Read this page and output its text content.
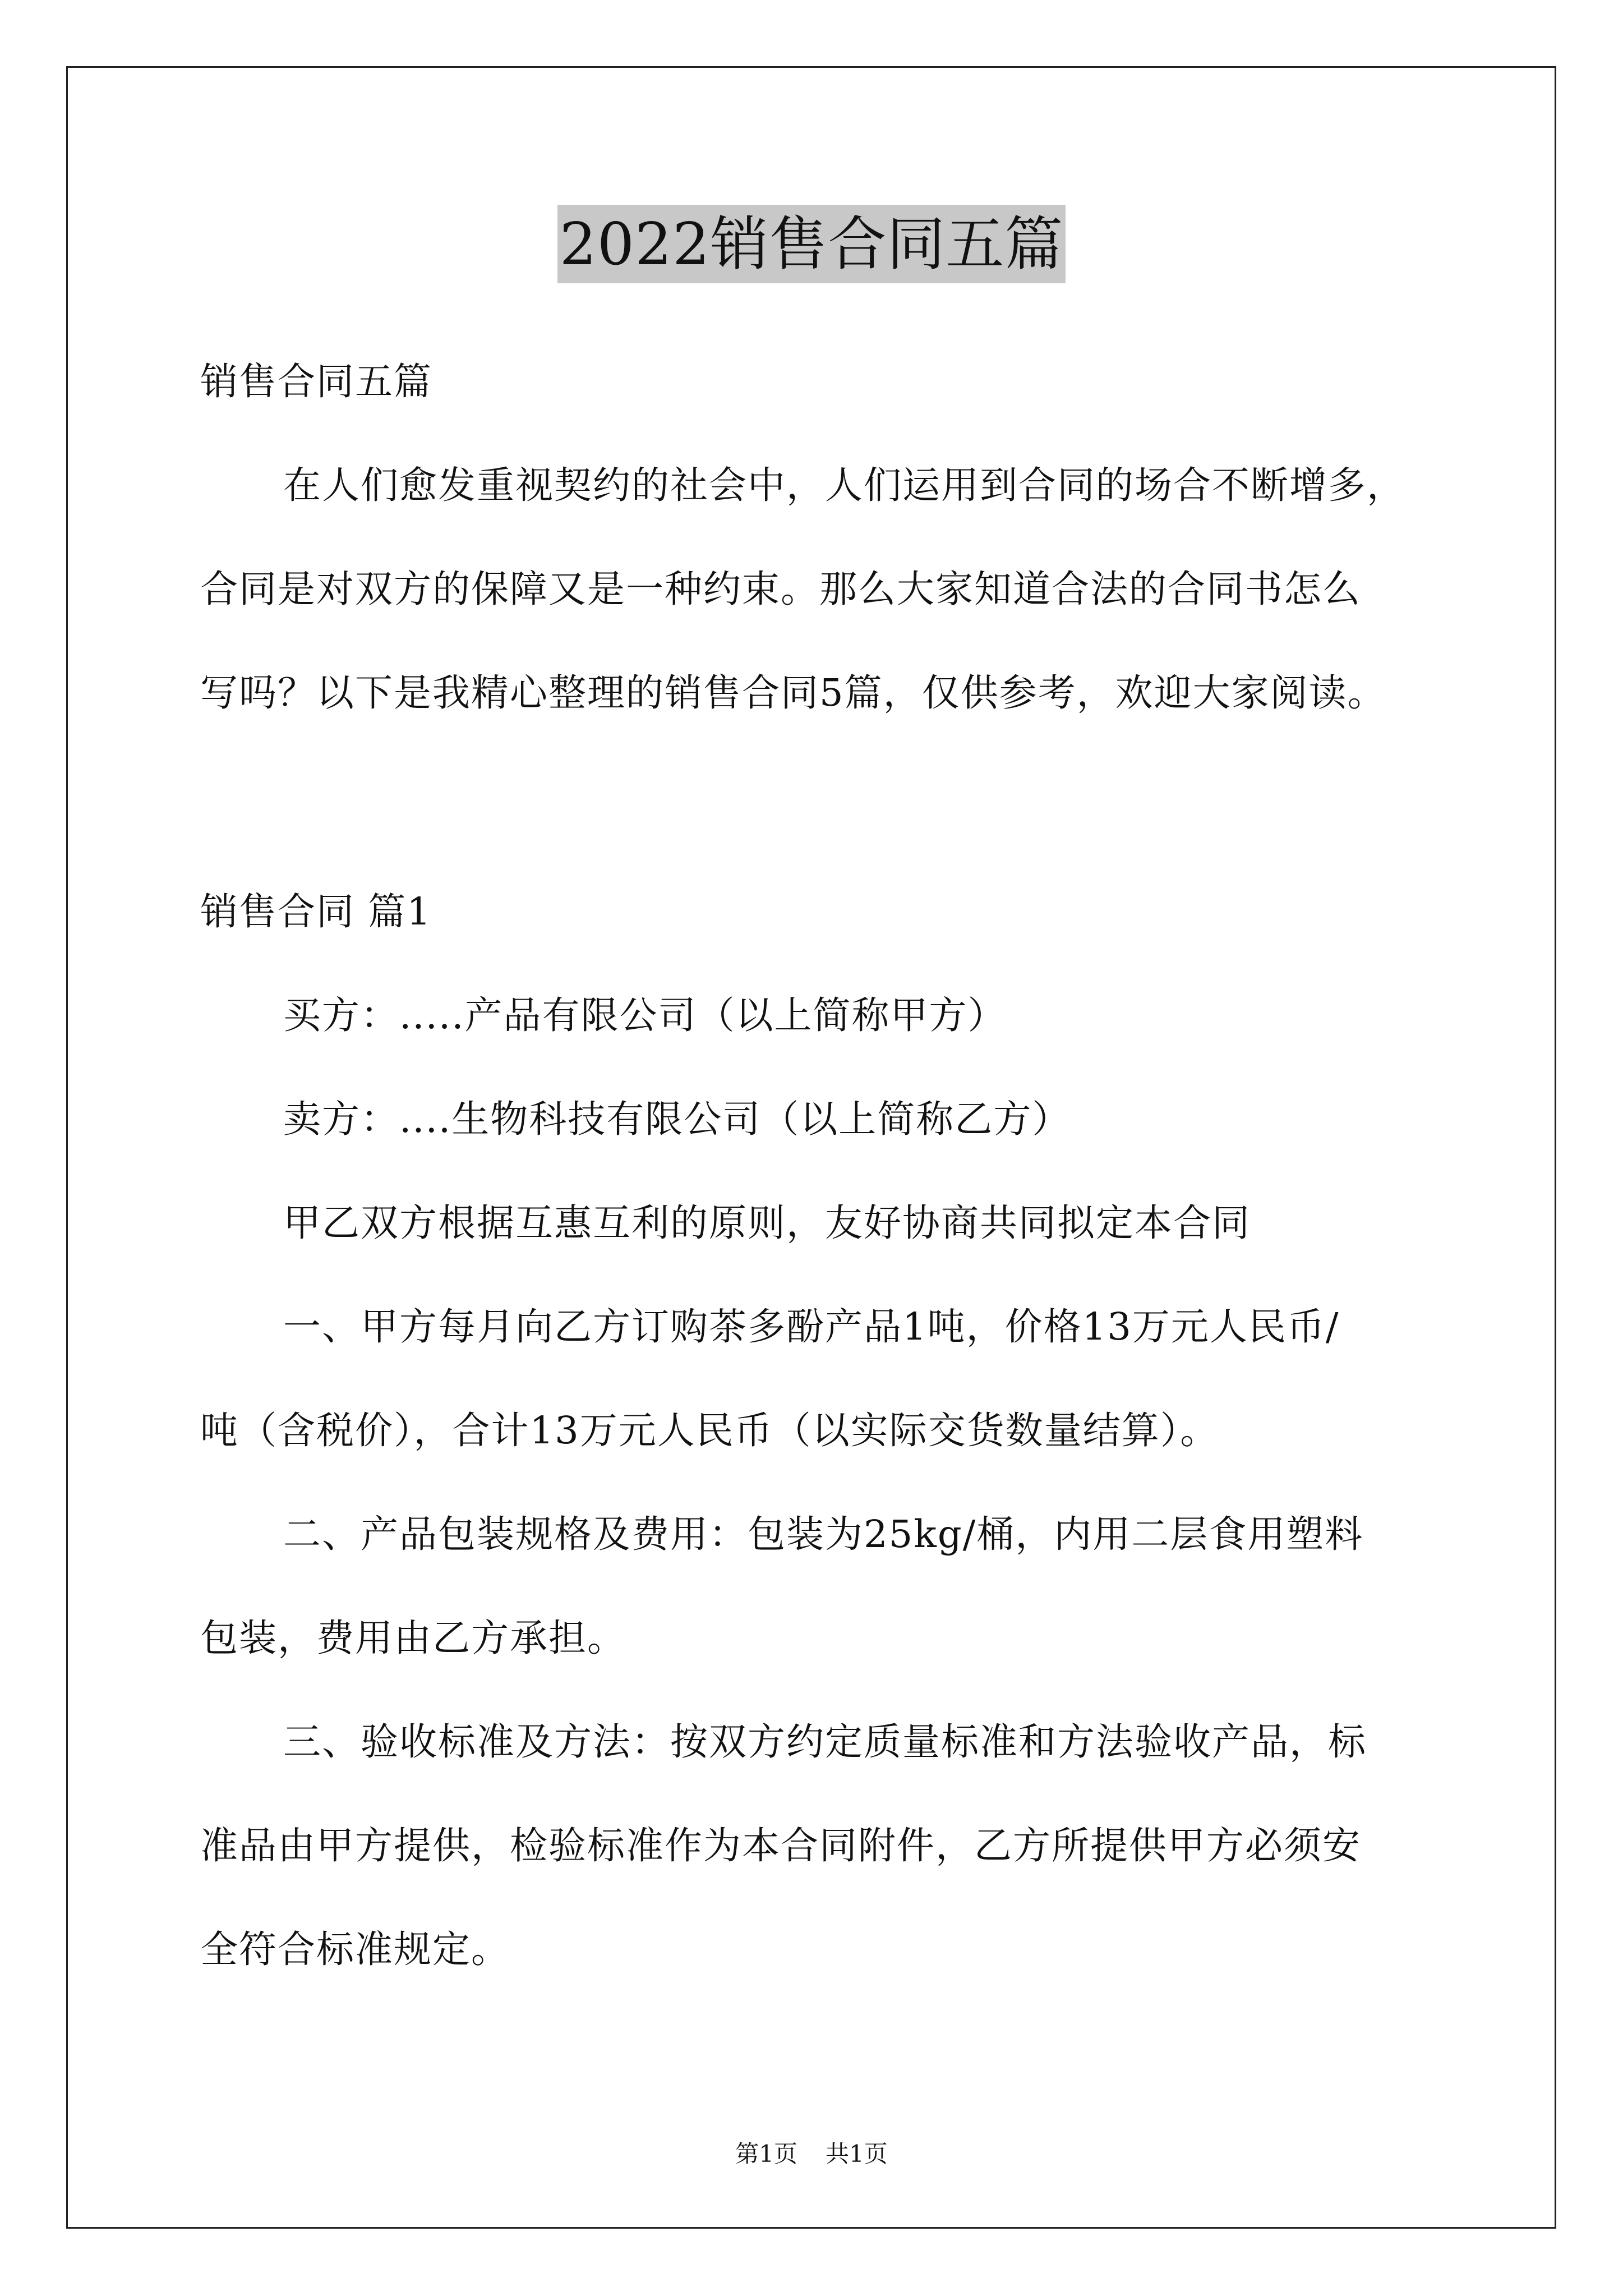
2022销售合同五篇
销售合同五篇
在人们愈发重视契约的社会中，人们运用到合同的场合不断增多，
合同是对双方的保障又是一种约束。那么大家知道合法的合同书怎么
写吗？以下是我精心整理的销售合同5篇，仅供参考，欢迎大家阅读。
销售合同 篇1
买方：.....产品有限公司（以上简称甲方）
卖方：....生物科技有限公司（以上简称乙方）
甲乙双方根据互惠互利的原则，友好协商共同拟定本合同
一、甲方每月向乙方订购茶多酚产品1吨，价格13万元人民币/
吨（含税价），合计13万元人民币（以实际交货数量结算）。
二、产品包装规格及费用：包装为25kg/桶，内用二层食用塑料
包装，费用由乙方承担。
三、验收标准及方法：按双方约定质量标准和方法验收产品，标
准品由甲方提供，检验标准作为本合同附件，乙方所提供甲方必须安
全符合标准规定。
第1页 共1页
